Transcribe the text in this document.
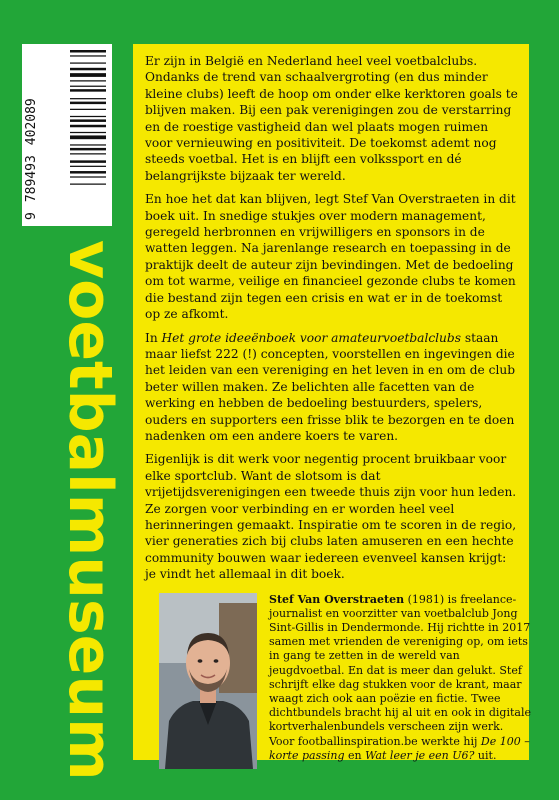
9
789493
402089
voetbalmuseum

Er zijn in België en Nederland heel veel voetbalclubs. Ondanks de trend van schaalvergroting (en dus minder kleine clubs) leeft de hoop om onder elke kerktoren goals te blijven maken. Bij een pak verenigingen zou de verstarring en de roestige vastigheid dan wel plaats mogen ruimen voor vernieuwing en positiviteit. De toekomst ademt nog steeds voetbal. Het is en blijft een volkssport en dé belangrijkste bijzaak ter wereld.

En hoe het dat kan blijven, legt Stef Van Overstraeten in dit boek uit. In snedige stukjes over modern management, geregeld herbronnen en vrijwilligers en sponsors in de watten leggen. Na jarenlange research en toepassing in de praktijk deelt de auteur zijn bevindingen. Met de bedoeling om tot warme, veilige en financieel gezonde clubs te komen die bestand zijn tegen een crisis en wat er in de toekomst op ze afkomt.

In Het grote ideeënboek voor amateurvoetbalclubs staan maar liefst 222 (!) concepten, voorstellen en ingevingen die het leiden van een vereniging en het leven in en om de club beter willen maken. Ze belichten alle facetten van de werking en hebben de bedoeling bestuurders, spelers, ouders en supporters een frisse blik te bezorgen en te doen nadenken om een andere koers te varen.

Eigenlijk is dit werk voor negentig procent bruikbaar voor elke sportclub. Want de slotsom is dat vrijetijdsverenigingen een tweede thuis zijn voor hun leden. Ze zorgen voor verbinding en er worden heel veel herinneringen gemaakt. Inspiratie om te scoren in de regio, vier generaties zich bij clubs laten amuseren en een hechte community bouwen waar iedereen evenveel kansen krijgt: je vindt het allemaal in dit boek.

Stef Van Overstraeten (1981) is freelance-journalist en voorzitter van voetbalclub Jong Sint-Gillis in Dendermonde. Hij richtte in 2017 samen met vrienden de vereniging op, om iets in gang te zetten in de wereld van jeugdvoetbal. En dat is meer dan gelukt. Stef schrijft elke dag stukken voor de krant, maar waagt zich ook aan poëzie en fictie. Twee dichtbundels bracht hij al uit en ook in digitale kortverhalenbundels verscheen zijn werk. Voor footballinspiration.be werkte hij De 100 – korte passing en Wat leer je een U6? uit.
